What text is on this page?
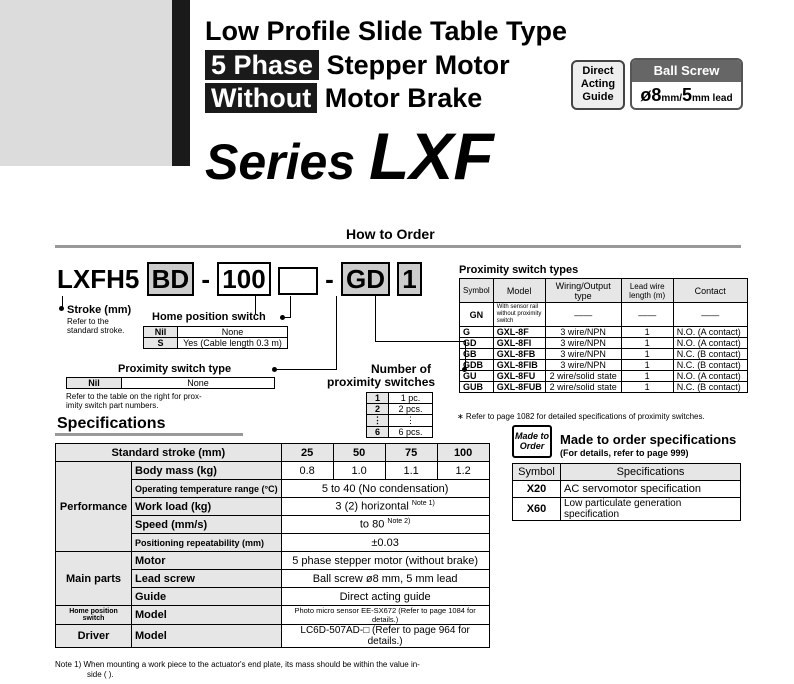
Low Profile Slide Table Type
5 Phase Stepper Motor
Without Motor Brake
Series LXF
Direct
Acting
Guide
Ball Screw
ø8mm/5mm lead
How to Order
LXFH5 BD - 100 - GD 1
Stroke (mm)
Refer to the
standard stroke.
Home position switch
Nil	None
S	Yes (Cable length 0.3 m)
Proximity switch type
Nil	None
Refer to the table on the right for prox-
imity switch part numbers.
Number of
proximity switches
1	1 pc.
2	2 pcs.
⋮	⋮
6	6 pcs.
Proximity switch types
Symbol	Model	Wiring/Output type	Lead wire length (m)	Contact
GN	With sensor rail without proximity switch	——	——	——
G	GXL-8F	3 wire/NPN	1	N.O. (A contact)
GD	GXL-8FI	3 wire/NPN	1	N.O. (A contact)
GB	GXL-8FB	3 wire/NPN	1	N.C. (B contact)
GDB	GXL-8FIB	3 wire/NPN	1	N.C. (B contact)
GU	GXL-8FU	2 wire/solid state	1	N.O. (A contact)
GUB	GXL-8FUB	2 wire/solid state	1	N.C. (B contact)
∗ Refer to page 1082 for detailed specifications of proximity switches.
Specifications
Standard stroke (mm)		25	50	75	100
Performance	Body mass (kg)	0.8	1.0	1.1	1.2
	Operating temperature range (°C)	5 to 40 (No condensation)			
	Work load (kg)	3 (2) horizontal $^{Note 1)}$
	Speed (mm/s)	to 80 $^{Note 2)}$
	Positioning repeatability (mm)	±0.03			
Main parts	Motor	5 phase stepper motor (without brake)			
	Lead screw	Ball screw ø8 mm, 5 mm lead			
	Guide	Direct acting guide			
Home position switch	Model	Photo micro sensor EE-SX672 (Refer to page 1084 for details.)			
Driver	Model	LC6D-507AD-□ (Refer to page 964 for details.)			
Note 1) When mounting a work piece to the actuator's end plate, its mass should be within the value in-
side ( ).
Made to
Order	Made to order specifications
(For details, refer to page 999)
Symbol	Specifications
X20	AC servomotor specification
X60	Low particulate generation specification
